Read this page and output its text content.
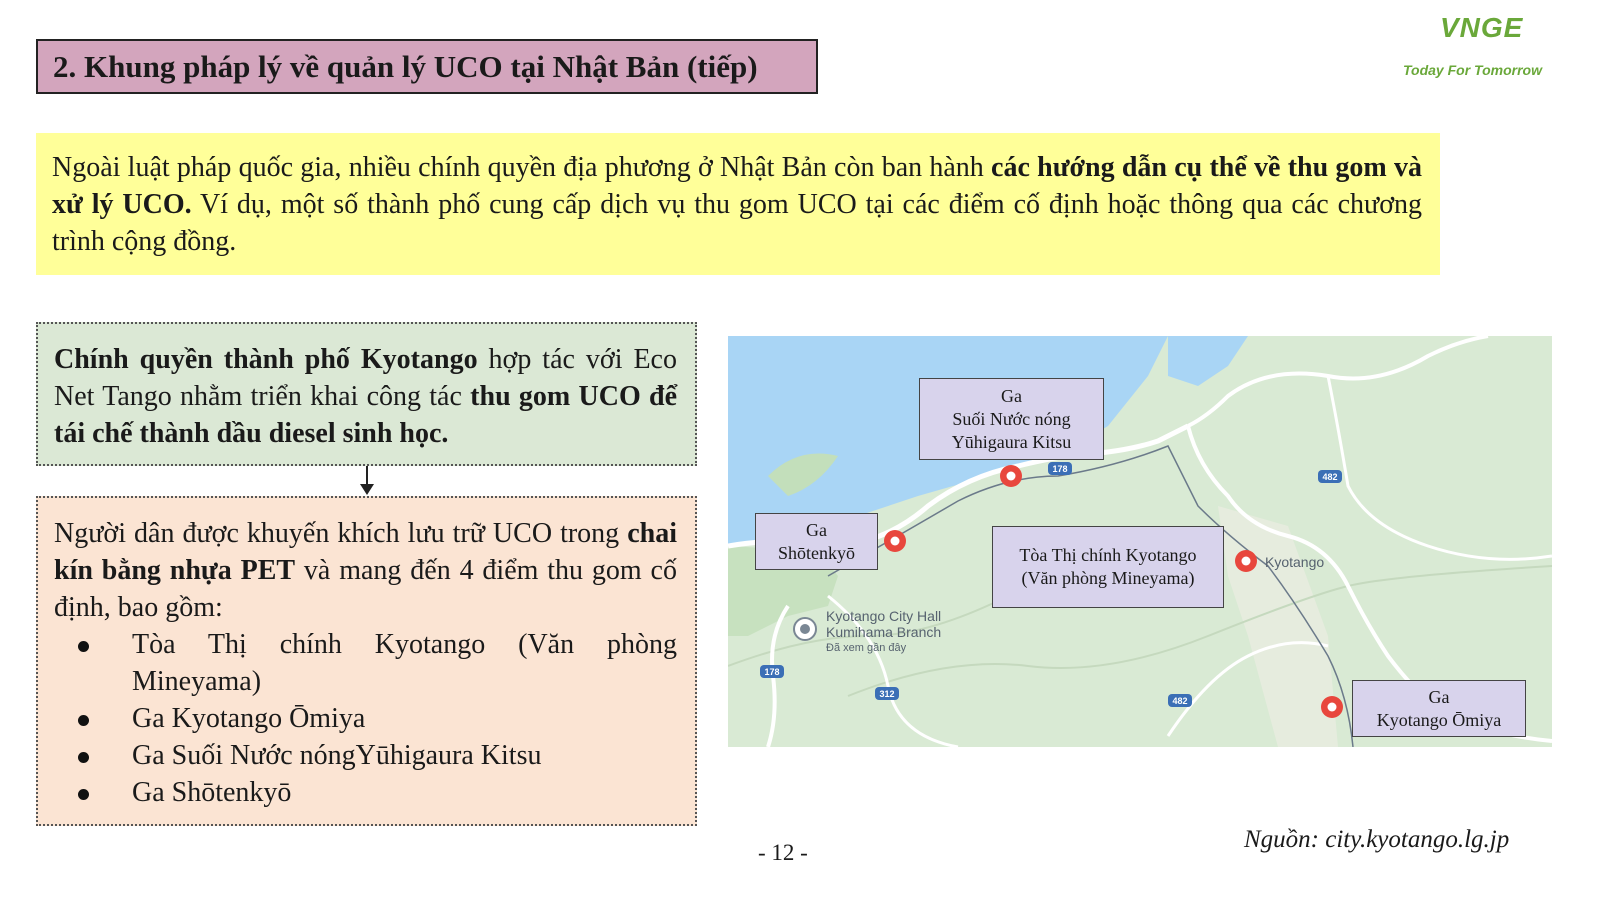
2. Khung pháp lý về quản lý UCO tại Nhật Bản (tiếp)
VNGE
Today For Tomorrow
Ngoài luật pháp quốc gia, nhiều chính quyền địa phương ở Nhật Bản còn ban hành các hướng dẫn cụ thể về thu gom và xử lý UCO. Ví dụ, một số thành phố cung cấp dịch vụ thu gom UCO tại các điểm cố định hoặc thông qua các chương trình cộng đồng.
Chính quyền thành phố Kyotango hợp tác với Eco Net Tango nhằm triển khai công tác thu gom UCO để tái chế thành dầu diesel sinh học.
Người dân được khuyến khích lưu trữ UCO trong chai kín bằng nhựa PET và mang đến 4 điểm thu gom cố định, bao gồm:
Tòa Thị chính Kyotango (Văn phòng Mineyama)
Ga Kyotango Ōmiya
Ga Suối Nước nóngYūhigaura Kitsu
Ga Shōtenkyō
178
482
178
312
482
Kyotango
Kyotango City Hall
Kumihama Branch
Đã xem gần đây
Ga
Suối Nước nóng
Yūhigaura Kitsu
Ga
Shōtenkyō	Tòa Thị chính Kyotango
(Văn phòng Mineyama)
Ga
Kyotango Ōmiya
- 12 -	Nguồn: city.kyotango.lg.jp
